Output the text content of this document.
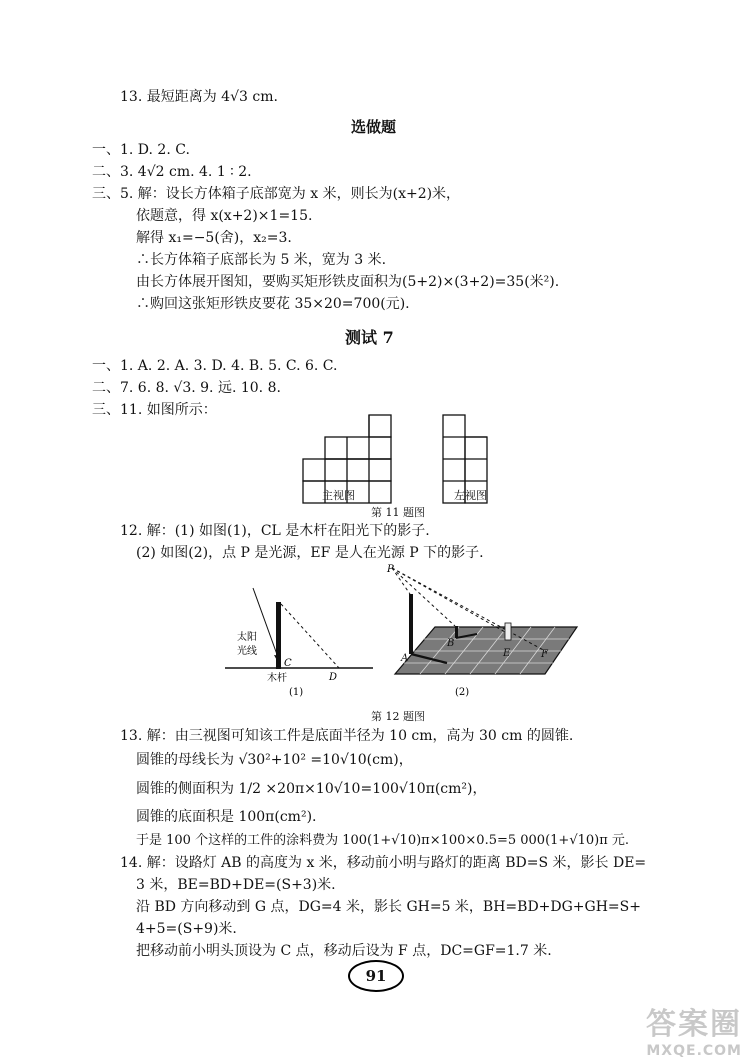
13. 最短距离为 4√3 cm.
选做题
一、1. D. 2. C.
二、3. 4√2 cm. 4. 1 ∶ 2.
三、5. 解：设长方体箱子底部宽为 x 米，则长为(x+2)米，
依题意，得 x(x+2)×1=15.
解得 x₁=−5(舍)，x₂=3.
∴长方体箱子底部长为 5 米，宽为 3 米.
由长方体展开图知，要购买矩形铁皮面积为(5+2)×(3+2)=35(米²).
∴购回这张矩形铁皮要花 35×20=700(元).
测试 7
一、1. A. 2. A. 3. D. 4. B. 5. C. 6. C.
二、7. 6. 8. √3. 9. 远. 10. 8.
三、11. 如图所示：
主视图	左视图
第 11 题图
12. 解：(1) 如图(1)，CL 是木杆在阳光下的影子.
(2) 如图(2)，点 P 是光源，EF 是人在光源 P 下的影子.
太阳
光线
C
D
木杆
(1)
P
A
B
E	F
(2)
第 12 题图
13. 解：由三视图可知该工件是底面半径为 10 cm，高为 30 cm 的圆锥.
圆锥的母线长为 √30²+10² =10√10(cm)，
圆锥的侧面积为 1/2 ×20π×10√10=100√10π(cm²)，
圆锥的底面积是 100π(cm²).
于是 100 个这样的工件的涂料费为 100(1+√10)π×100×0.5=5 000(1+√10)π 元.
14. 解：设路灯 AB 的高度为 x 米，移动前小明与路灯的距离 BD=S 米，影长 DE=
3 米，BE=BD+DE=(S+3)米.
沿 BD 方向移动到 G 点，DG=4 米，影长 GH=5 米，BH=BD+DG+GH=S+
4+5=(S+9)米.
把移动前小明头顶设为 C 点，移动后设为 F 点，DC=GF=1.7 米.
91
答案圈
MXQE.COM
